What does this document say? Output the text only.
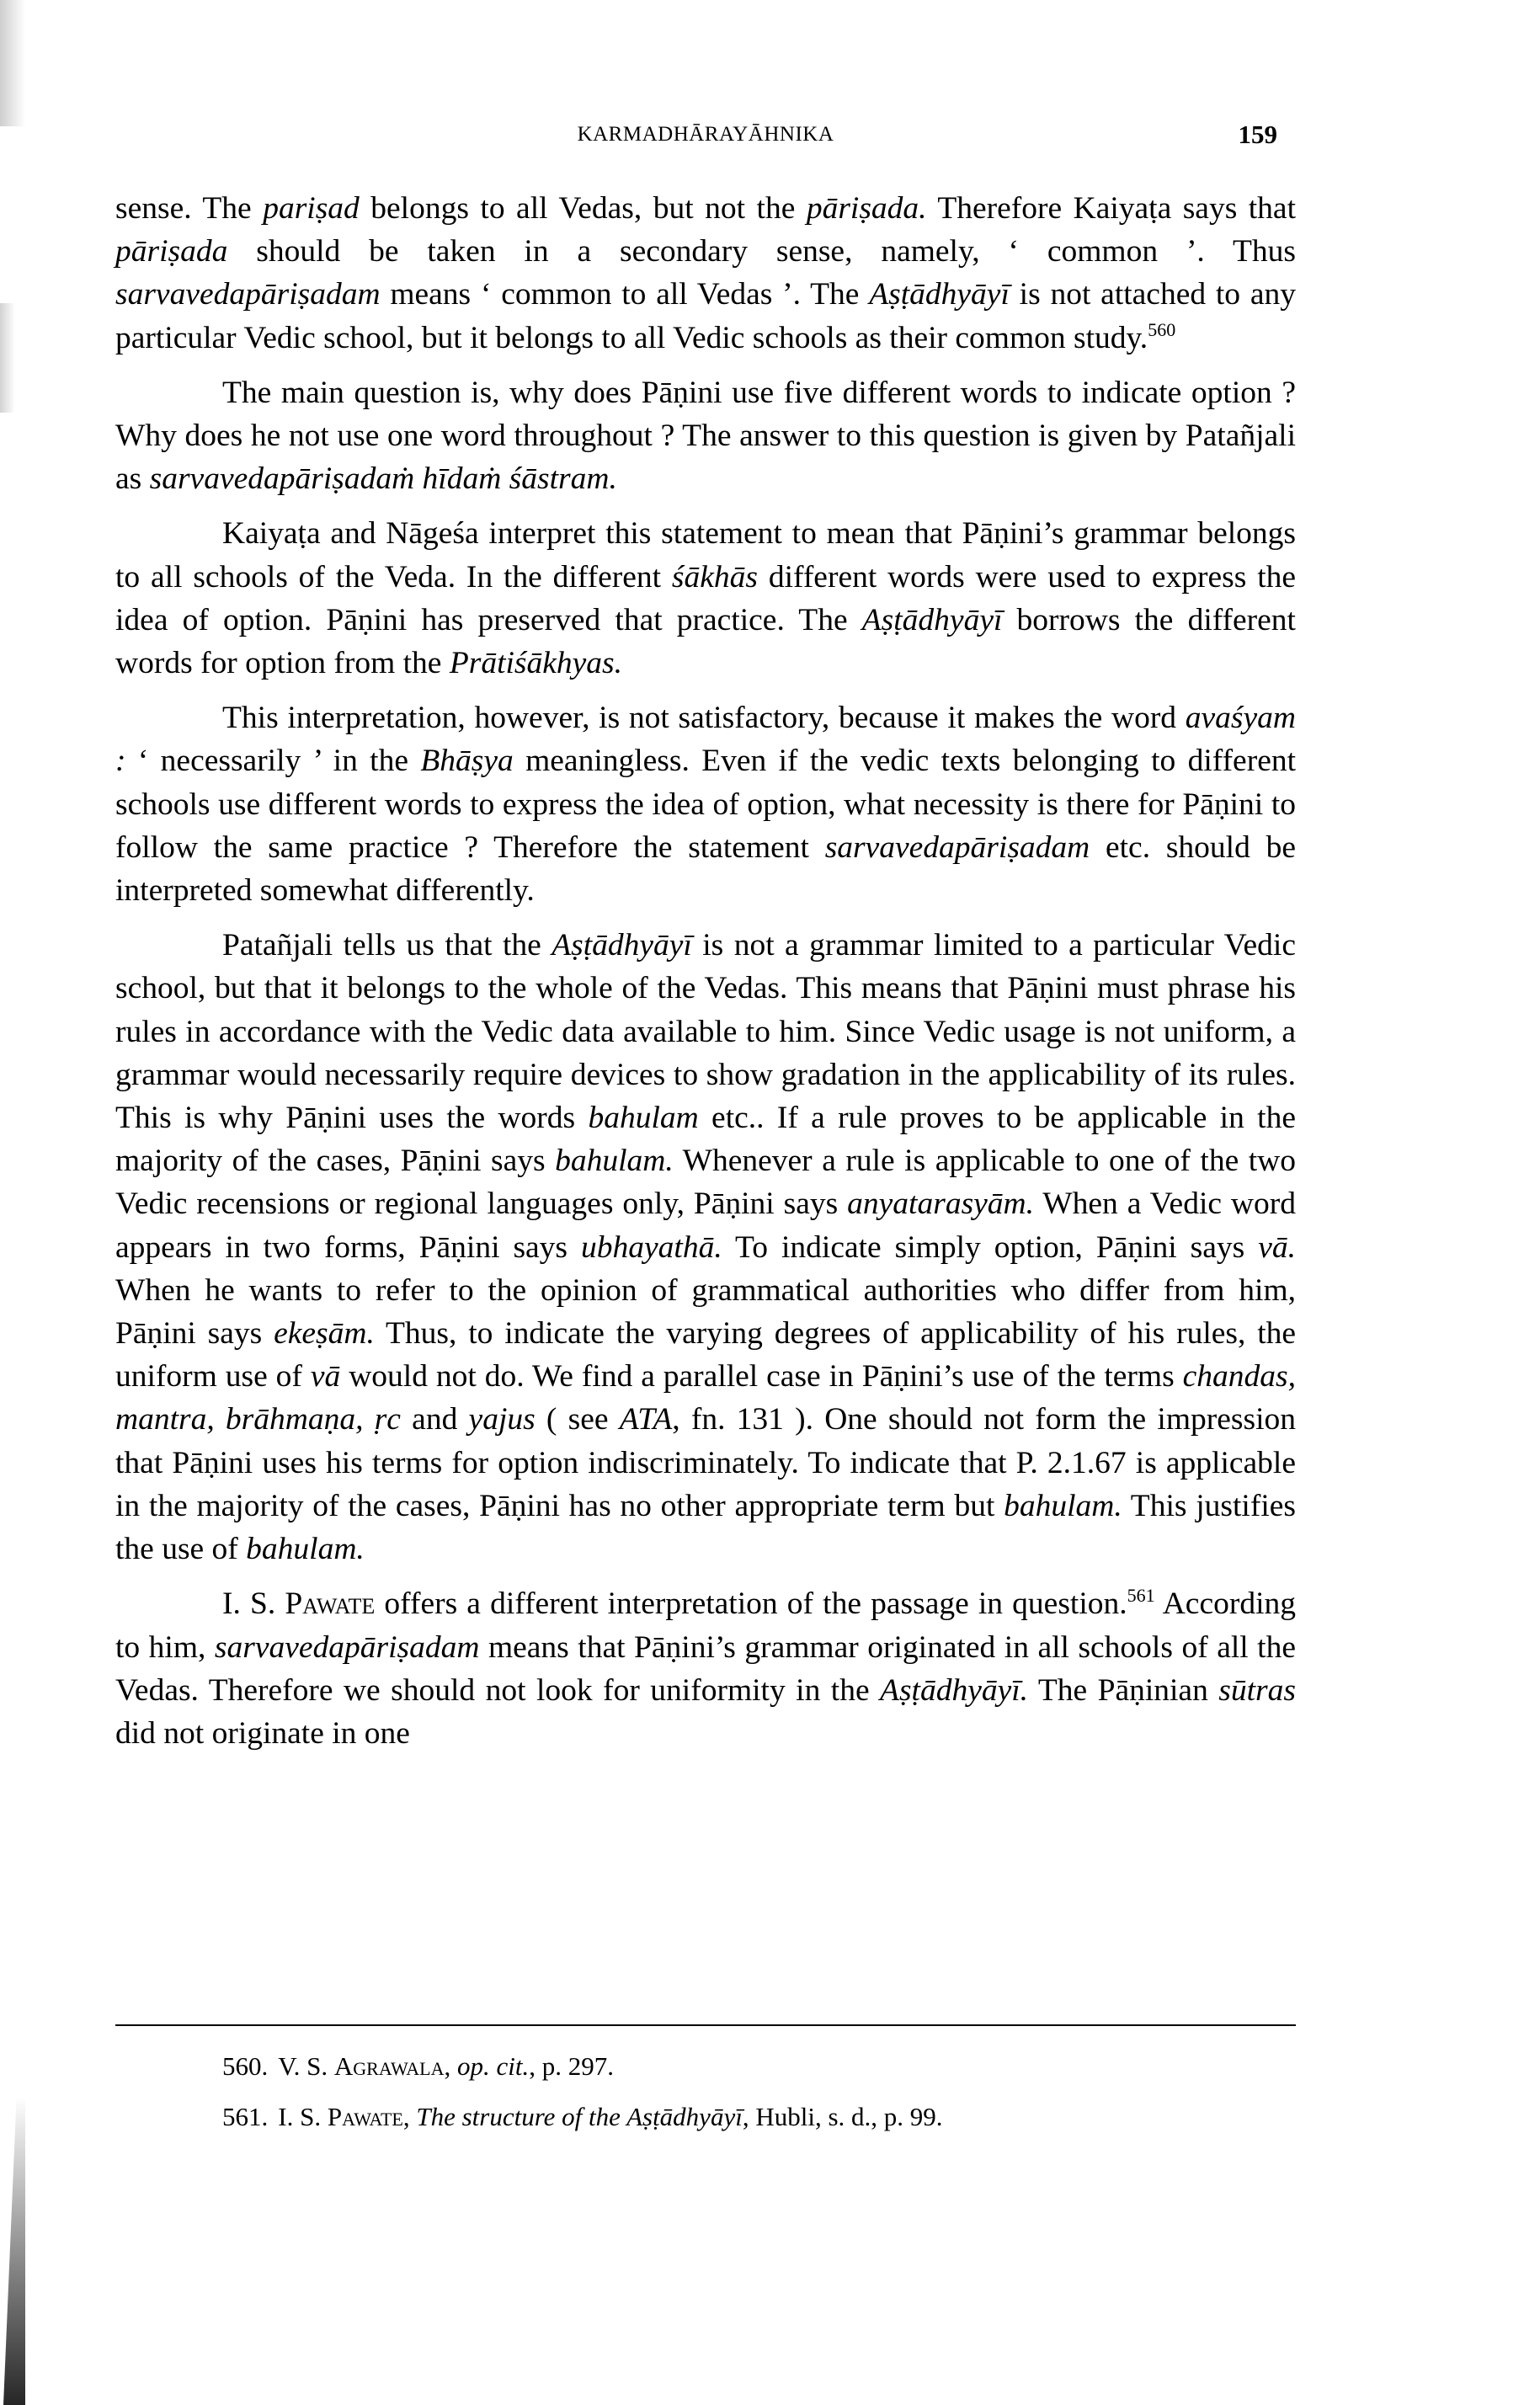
KARMADHĀRAYĀHNIKA	159

sense. The pariṣad belongs to all Vedas, but not the pāriṣada. Therefore Kaiyaṭa says that pāriṣada should be taken in a secondary sense, namely, ‘ common ’. Thus sarvavedapāriṣadam means ‘ common to all Vedas ’. The Aṣṭādhyāyī is not attached to any particular Vedic school, but it belongs to all Vedic schools as their common study.$^{560}$

The main question is, why does Pāṇini use five different words to indicate option ? Why does he not use one word throughout ? The answer to this question is given by Patañjali as sarvavedapāriṣadaṁ hīdaṁ śāstram.

Kaiyaṭa and Nāgeśa interpret this statement to mean that Pāṇini’s grammar belongs to all schools of the Veda. In the different śākhās different words were used to express the idea of option. Pāṇini has preserved that practice. The Aṣṭādhyāyī borrows the different words for option from the Prātiśākhyas.

This interpretation, however, is not satisfactory, because it makes the word avaśyam : ‘ necessarily ’ in the Bhāṣya meaningless. Even if the vedic texts belonging to different schools use different words to express the idea of option, what necessity is there for Pāṇini to follow the same practice ? Therefore the statement sarvavedapāriṣadam etc. should be interpreted somewhat differently.

Patañjali tells us that the Aṣṭādhyāyī is not a grammar limited to a particular Vedic school, but that it belongs to the whole of the Vedas. This means that Pāṇini must phrase his rules in accordance with the Vedic data available to him. Since Vedic usage is not uniform, a grammar would necessarily require devices to show gradation in the applicability of its rules. This is why Pāṇini uses the words bahulam etc.. If a rule proves to be applicable in the majority of the cases, Pāṇini says bahulam. Whenever a rule is applicable to one of the two Vedic recensions or regional languages only, Pāṇini says anyatarasyām. When a Vedic word appears in two forms, Pāṇini says ubhayathā. To indicate simply option, Pāṇini says vā. When he wants to refer to the opinion of grammatical authorities who differ from him, Pāṇini says ekeṣām. Thus, to indicate the varying degrees of applicability of his rules, the uniform use of vā would not do. We find a parallel case in Pāṇini’s use of the terms chandas, mantra, brāhmaṇa, ṛc and yajus ( see ATA, fn. 131 ). One should not form the impression that Pāṇini uses his terms for option indiscriminately. To indicate that P. 2.1.67 is applicable in the majority of the cases, Pāṇini has no other appropriate term but bahulam. This justifies the use of bahulam.

I. S. Pawate offers a different interpretation of the passage in question.$^{561}$ According to him, sarvavedapāriṣadam means that Pāṇini’s grammar originated in all schools of all the Vedas. Therefore we should not look for uniformity in the Aṣṭādhyāyī. The Pāṇinian sūtras did not originate in one

560. V. S. Agrawala, op. cit., p. 297.
561. I. S. Pawate, The structure of the Aṣṭādhyāyī, Hubli, s. d., p. 99.
